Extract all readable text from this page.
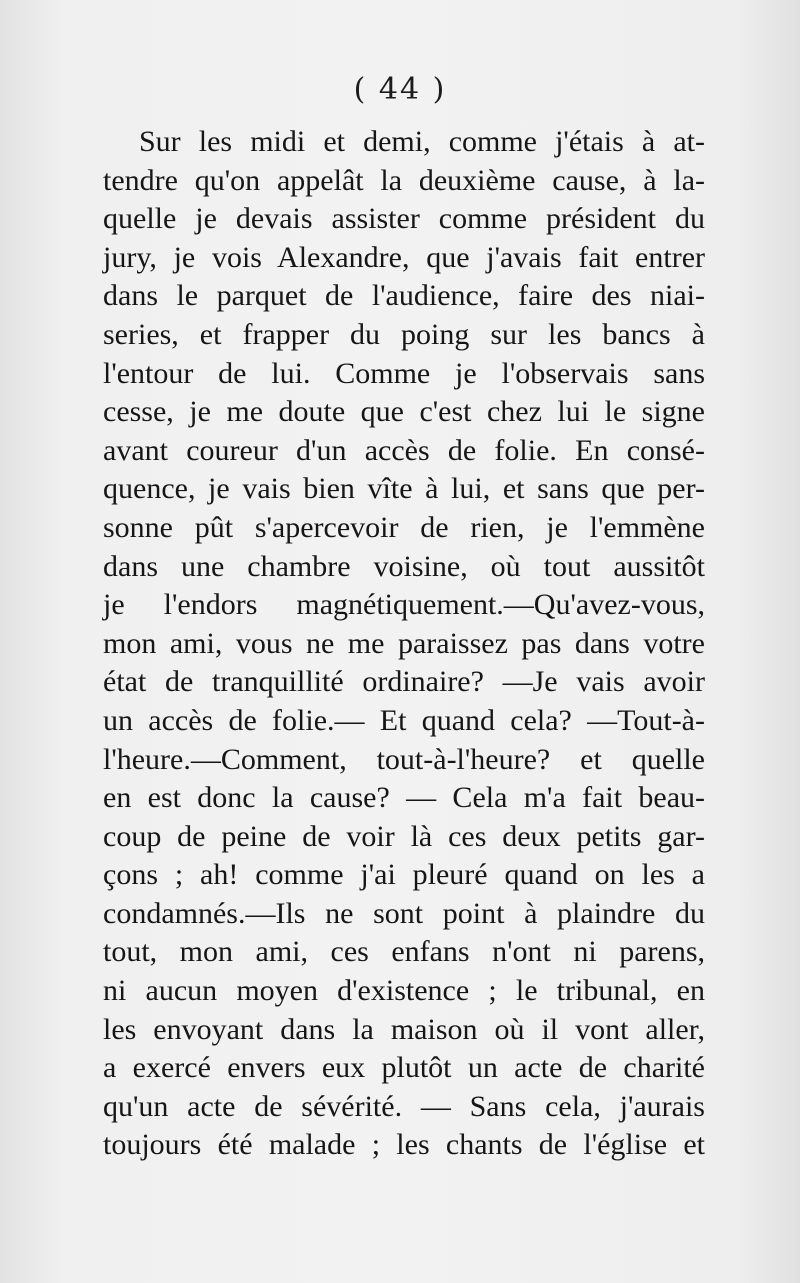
( 44 )
Sur les midi et demi, comme j'étais à at-
tendre qu'on appelât la deuxième cause, à la-
quelle je devais assister comme président du
jury, je vois Alexandre, que j'avais fait entrer
dans le parquet de l'audience, faire des niai-
series, et frapper du poing sur les bancs à
l'entour de lui. Comme je l'observais sans
cesse, je me doute que c'est chez lui le signe
avant coureur d'un accès de folie. En consé-
quence, je vais bien vîte à lui, et sans que per-
sonne pût s'apercevoir de rien, je l'emmène
dans une chambre voisine, où tout aussitôt
je l'endors magnétiquement.—Qu'avez-vous,
mon ami, vous ne me paraissez pas dans votre
état de tranquillité ordinaire? —Je vais avoir
un accès de folie.— Et quand cela? —Tout-à-
l'heure.—Comment, tout-à-l'heure? et quelle
en est donc la cause? — Cela m'a fait beau-
coup de peine de voir là ces deux petits gar-
çons ; ah! comme j'ai pleuré quand on les a
condamnés.—Ils ne sont point à plaindre du
tout, mon ami, ces enfans n'ont ni parens,
ni aucun moyen d'existence ; le tribunal, en
les envoyant dans la maison où il vont aller,
a exercé envers eux plutôt un acte de charité
qu'un acte de sévérité. — Sans cela, j'aurais
toujours été malade ; les chants de l'église et
